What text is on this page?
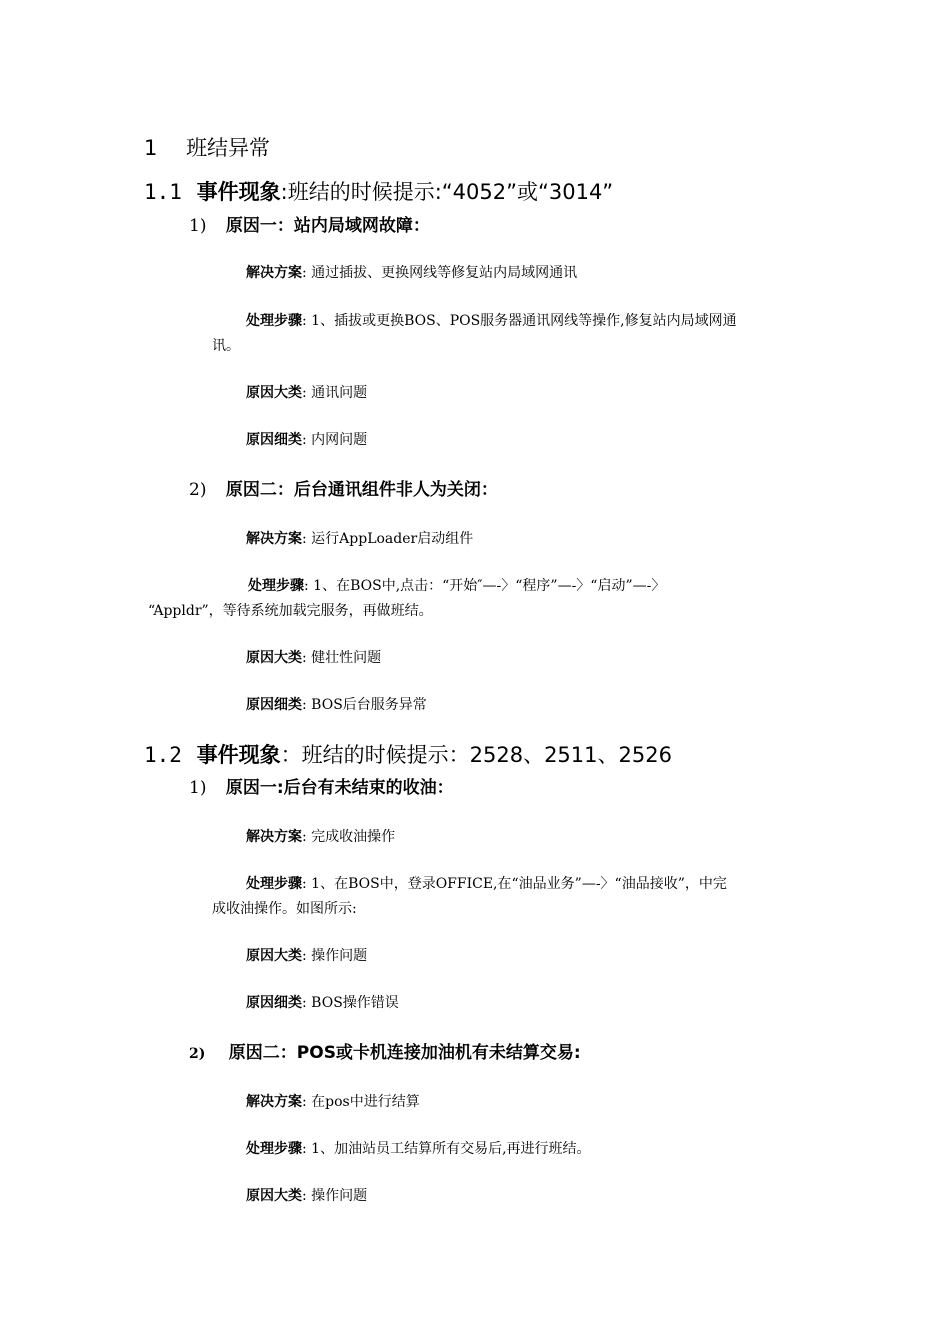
1 班结异常
1.1 事件现象:班结的时候提示:“4052”或“3014”
1) 原因一：站内局域网故障：
解决方案: 通过插拔、更换网线等修复站内局域网通讯
处理步骤: 1、插拔或更换BOS、POS服务器通讯网线等操作,修复站内局域网通
讯。
原因大类: 通讯问题
原因细类: 内网问题
2) 原因二：后台通讯组件非人为关闭：
解决方案: 运行AppLoader启动组件
处理步骤: 1、在BOS中,点击：“开始″—-〉“程序”—-〉“启动”—-〉
“Appldr”，等待系统加载完服务，再做班结。
原因大类: 健壮性问题
原因细类: BOS后台服务异常
1.2 事件现象：班结的时候提示：2528、2511、2526
1) 原因一:后台有未结束的收油：
解决方案: 完成收油操作
处理步骤: 1、在BOS中，登录OFFICE,在“油品业务”—-〉“油品接收”，中完
成收油操作。如图所示:
原因大类: 操作问题
原因细类: BOS操作错误
2) 原因二：POS或卡机连接加油机有未结算交易:
解决方案: 在pos中进行结算
处理步骤: 1、加油站员工结算所有交易后,再进行班结。
原因大类: 操作问题
